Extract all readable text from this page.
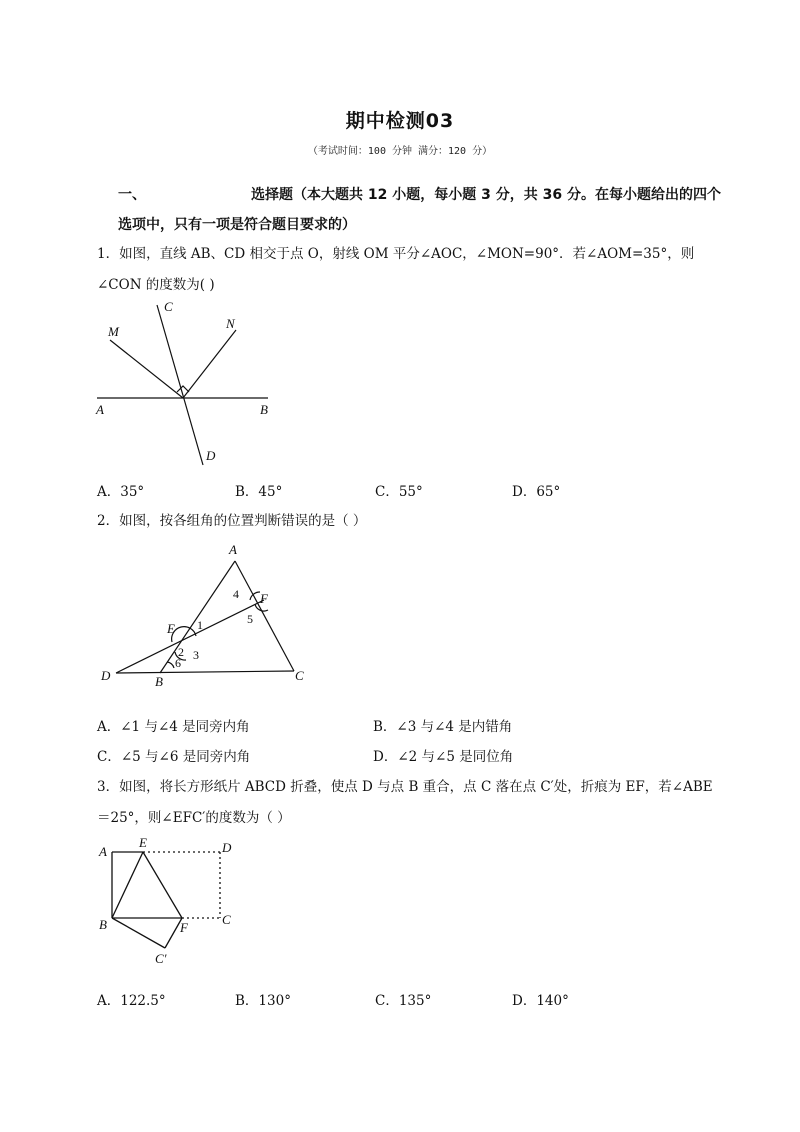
期中检测03
（考试时间：100 分钟 满分：120 分）
一、	选择题（本大题共 12 小题，每小题 3 分，共 36 分。在每小题给出的四个
选项中，只有一项是符合题目要求的）
1．如图，直线 AB、CD 相交于点 O，射线 OM 平分∠AOC，∠MON=90°．若∠AOM=35°，则
∠CON 的度数为( )
M
C
N
A	B
D
A
F
E
D	B	C
1
2 3
4
5
6
A
E	D
B	F
C
C′
A．35°	B．45°	C．55°	D．65°
2．如图，按各组角的位置判断错误的是（ ）
A．∠1 与∠4 是同旁内角	B．∠3 与∠4 是内错角
C．∠5 与∠6 是同旁内角	D．∠2 与∠5 是同位角
3．如图，将长方形纸片 ABCD 折叠，使点 D 与点 B 重合，点 C 落在点 C′处，折痕为 EF，若∠ABE
＝25°，则∠EFC′的度数为（ ）
A．122.5°	B．130°	C．135°	D．140°
